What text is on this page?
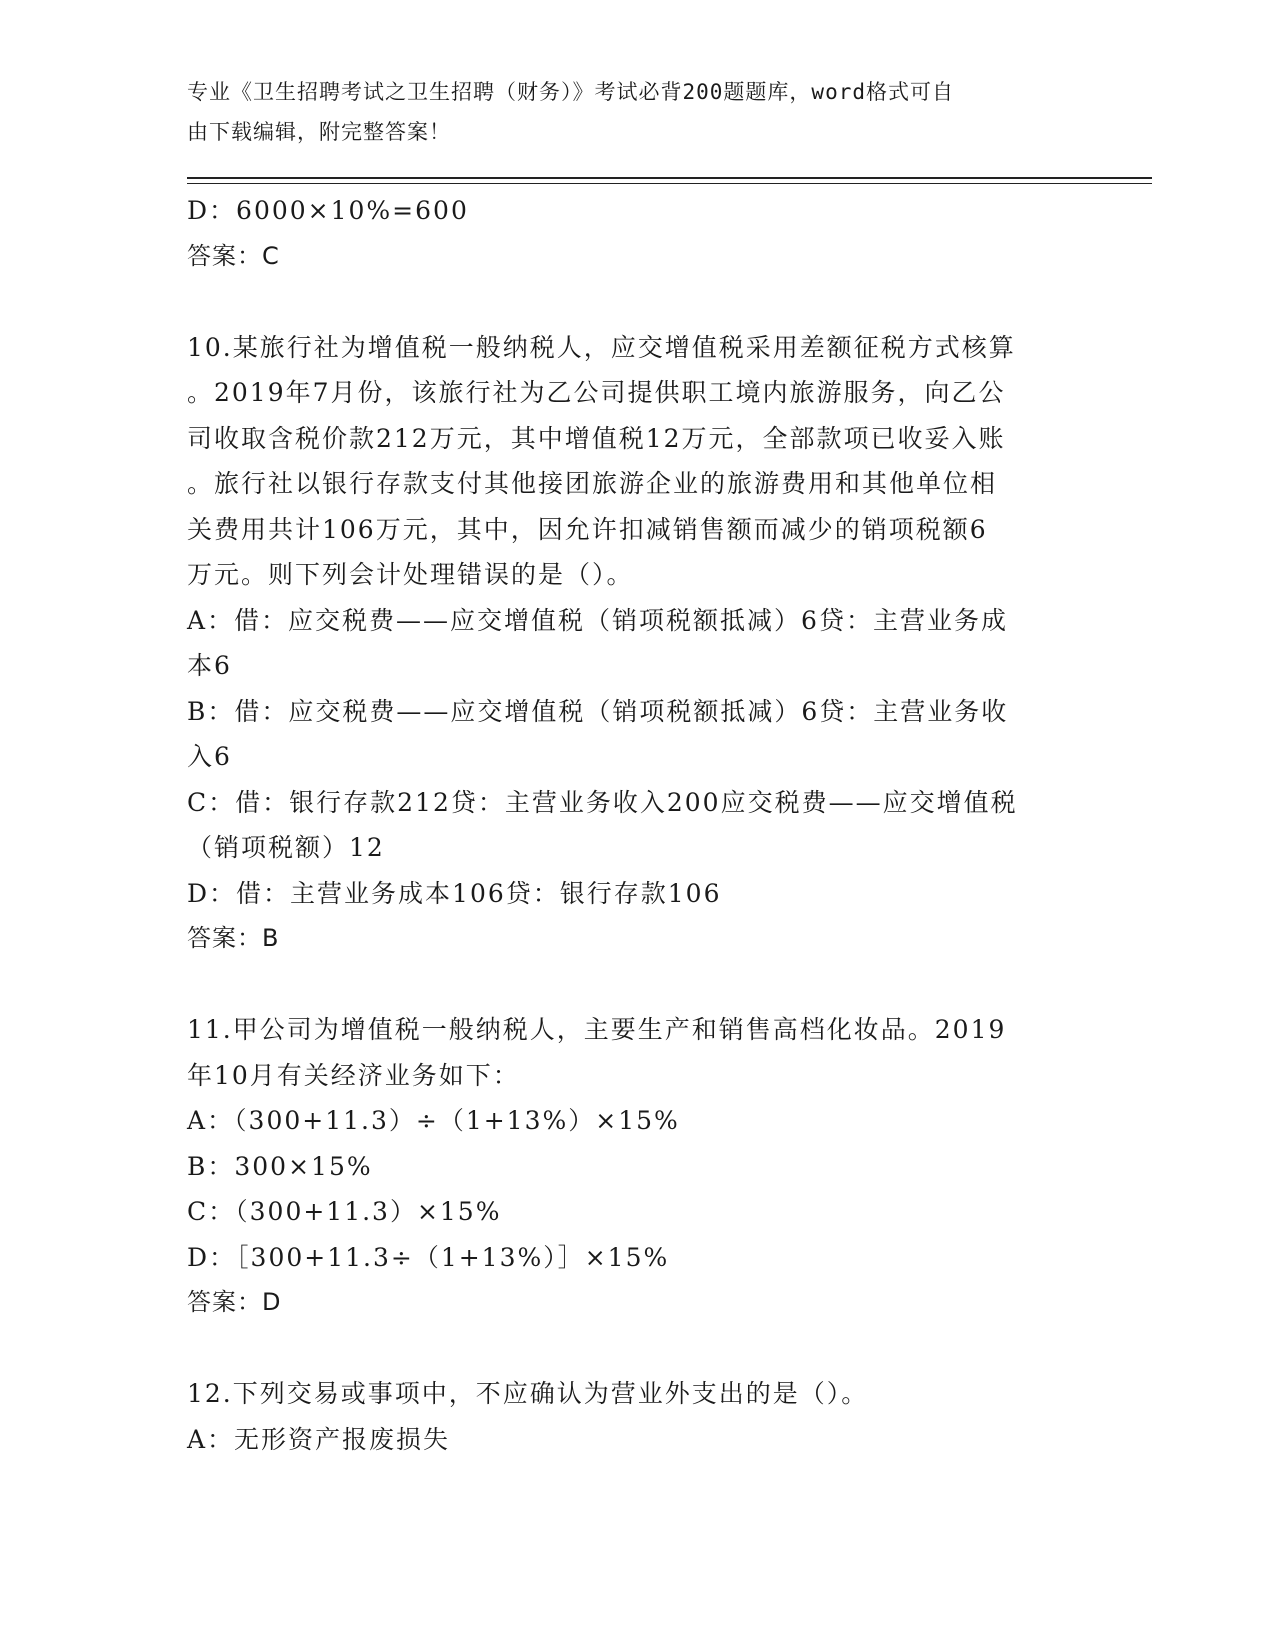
专业《卫生招聘考试之卫生招聘（财务）》考试必背200题题库，word格式可自
由下载编辑，附完整答案！
D：6000×10%=600
答案：C
10.某旅行社为增值税一般纳税人，应交增值税采用差额征税方式核算
。2019年7月份，该旅行社为乙公司提供职工境内旅游服务，向乙公
司收取含税价款212万元，其中增值税12万元，全部款项已收妥入账
。旅行社以银行存款支付其他接团旅游企业的旅游费用和其他单位相
关费用共计106万元，其中，因允许扣减销售额而减少的销项税额6
万元。则下列会计处理错误的是（）。
A：借：应交税费——应交增值税（销项税额抵减）6贷：主营业务成
本6
B：借：应交税费——应交增值税（销项税额抵减）6贷：主营业务收
入6
C：借：银行存款212贷：主营业务收入200应交税费——应交增值税
（销项税额）12
D：借：主营业务成本106贷：银行存款106
答案：B
11.甲公司为增值税一般纳税人，主要生产和销售高档化妆品。2019
年10月有关经济业务如下：
A：（300+11.3）÷（1+13%）×15%
B：300×15%
C：（300+11.3）×15%
D：［300+11.3÷（1+13%）］×15%
答案：D
12.下列交易或事项中，不应确认为营业外支出的是（）。
A：无形资产报废损失
